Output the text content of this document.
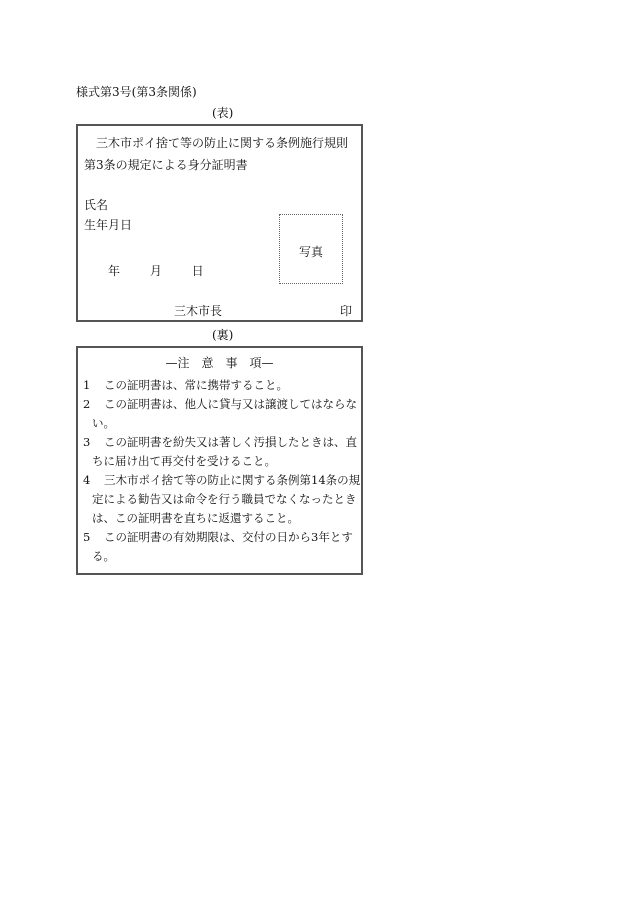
様式第3号(第3条関係)
(表)
三木市ポイ捨て等の防止に関する条例施行規則第3条の規定による身分証明書
氏名
生年月日
年 月 日
写真
三木市長	印
(裏)
—注　意　事　項—
1	この証明書は、常に携帯すること。
2	この証明書は、他人に貸与又は譲渡してはならない。
3	この証明書を紛失又は著しく汚損したときは、直ちに届け出て再交付を受けること。
4	三木市ポイ捨て等の防止に関する条例第14条の規定による勧告又は命令を行う職員でなくなったときは、この証明書を直ちに返還すること。
5	この証明書の有効期限は、交付の日から3年とする。
